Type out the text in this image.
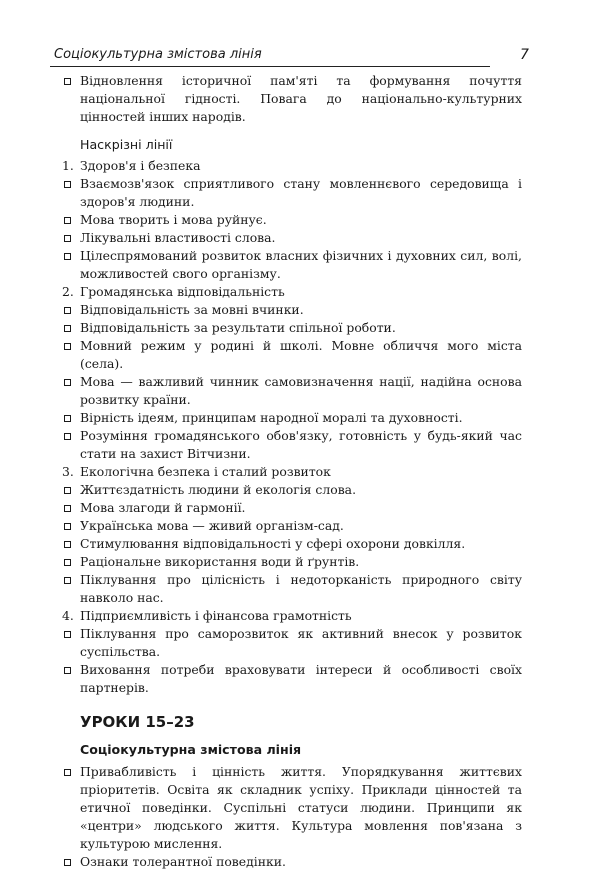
Соціокультурна змістова лінія	7
Відновлення історичної пам'яті та формування почуття національної гідності. Повага до національно-культурних цінностей інших народів.
Наскрізні лінії
1. Здоров'я і безпека
Взаємозв'язок сприятливого стану мовленнєвого середовища і здоров'я людини.
Мова творить і мова руйнує.
Лікувальні властивості слова.
Цілеспрямований розвиток власних фізичних і духовних сил, волі, можливостей свого організму.
2. Громадянська відповідальність
Відповідальність за мовні вчинки.
Відповідальність за результати спільної роботи.
Мовний режим у родині й школі. Мовне обличчя мого міста (села).
Мова — важливий чинник самовизначення нації, надійна основа розвитку країни.
Вірність ідеям, принципам народної моралі та духовності.
Розуміння громадянського обов'язку, готовність у будь-який час стати на захист Вітчизни.
3. Екологічна безпека і сталий розвиток
Життєздатність людини й екологія слова.
Мова злагоди й гармонії.
Українська мова — живий організм-сад.
Стимулювання відповідальності у сфері охорони довкілля.
Раціональне використання води й ґрунтів.
Піклування про цілісність і недоторканість природного світу навколо нас.
4. Підприємливість і фінансова грамотність
Піклування про саморозвиток як активний внесок у розвиток суспільства.
Виховання потреби враховувати інтереси й особливості своїх партнерів.
УРОКИ 15–23
Соціокультурна змістова лінія
Привабливість і цінність життя. Упорядкування життєвих пріоритетів. Освіта як складник успіху. Приклади цінностей та етичної поведінки. Суспільні статуси людини. Принципи як «центри» людського життя. Культура мовлення пов'язана з культурою мислення.
Ознаки толерантної поведінки.
